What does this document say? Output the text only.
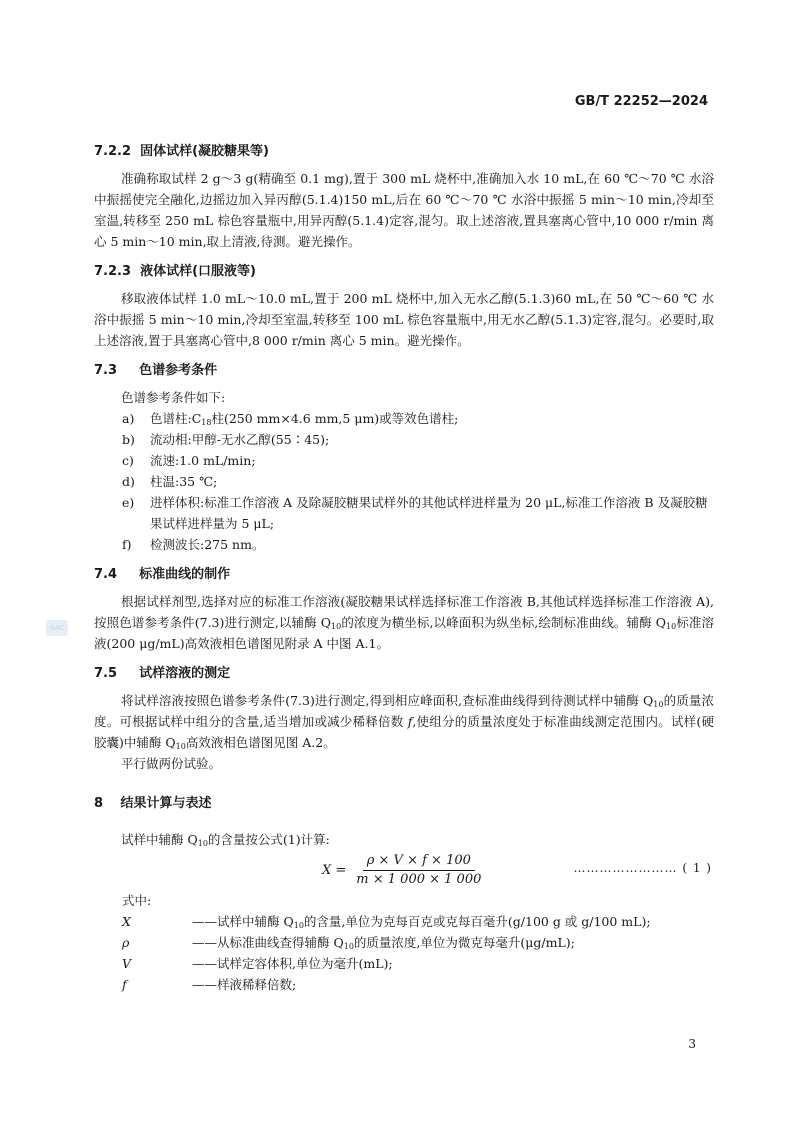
GB/T 22252—2024
SAC
7.2.2 固体试样(凝胶糖果等)

准确称取试样 2 g～3 g(精确至 0.1 mg),置于 300 mL 烧杯中,准确加入水 10 mL,在 60 ℃～70 ℃ 水浴中振摇使完全融化,边摇边加入异丙醇(5.1.4)150 mL,后在 60 ℃～70 ℃ 水浴中振摇 5 min～10 min,冷却至室温,转移至 250 mL 棕色容量瓶中,用异丙醇(5.1.4)定容,混匀。取上述溶液,置具塞离心管中,10 000 r/min 离心 5 min～10 min,取上清液,待测。避光操作。

7.2.3 液体试样(口服液等)

移取液体试样 1.0 mL～10.0 mL,置于 200 mL 烧杯中,加入无水乙醇(5.1.3)60 mL,在 50 ℃～60 ℃ 水浴中振摇 5 min～10 min,冷却至室温,转移至 100 mL 棕色容量瓶中,用无水乙醇(5.1.3)定容,混匀。必要时,取上述溶液,置于具塞离心管中,8 000 r/min 离心 5 min。避光操作。

7.3 色谱参考条件

色谱参考条件如下:

a) 色谱柱$:C_{18}$柱(250 mm×4.6 mm,5 μm)或等效色谱柱;
b) 流动相:甲醇-无水乙醇(55∶45);
c) 流速:1.0 mL/min;
d) 柱温:35 ℃;
e) 进样体积:标准工作溶液 A 及除凝胶糖果试样外的其他试样进样量为 20 μL,标准工作溶液 B 及凝胶糖果试样进样量为 5 μL;
f) 检测波长:275 nm。
7.4 标准曲线的制作

根据试样剂型,选择对应的标准工作溶液(凝胶糖果试样选择标准工作溶液 B,其他试样选择标准工作溶液 A),按照色谱参考条件(7.3)进行测定,以辅酶 $Q_{10}$的浓度为横坐标,以峰面积为纵坐标,绘制标准曲线。辅酶 $Q_{10}$标准溶液(200 μg/mL)高效液相色谱图见附录 A 中图 A.1。

7.5 试样溶液的测定

将试样溶液按照色谱参考条件(7.3)进行测定,得到相应峰面积,查标准曲线得到待测试样中辅酶 $Q_{10}$的质量浓度。可根据试样中组分的含量,适当增加或减少稀释倍数 f,使组分的质量浓度处于标准曲线测定范围内。试样(硬胶囊)中辅酶 $Q_{10}$高效液相色谱图见图 A.2。

平行做两份试验。

8 结果计算与表述

试样中辅酶 $Q_{10}$的含量按公式(1)计算:

$X = \frac{\rho \times V \times f \times 100}{m \times 1 000 \times 1 000}$	…………………… ( 1 )

式中:

X	——试样中辅酶 $Q_{10}$的含量,单位为克每百克或克每百毫升(g/100 g 或 g/100 mL);
ρ	——从标准曲线查得辅酶 $Q_{10}$的质量浓度,单位为微克每毫升(μg/mL);
V	——试样定容体积,单位为毫升(mL);
f	——样液稀释倍数;
3
